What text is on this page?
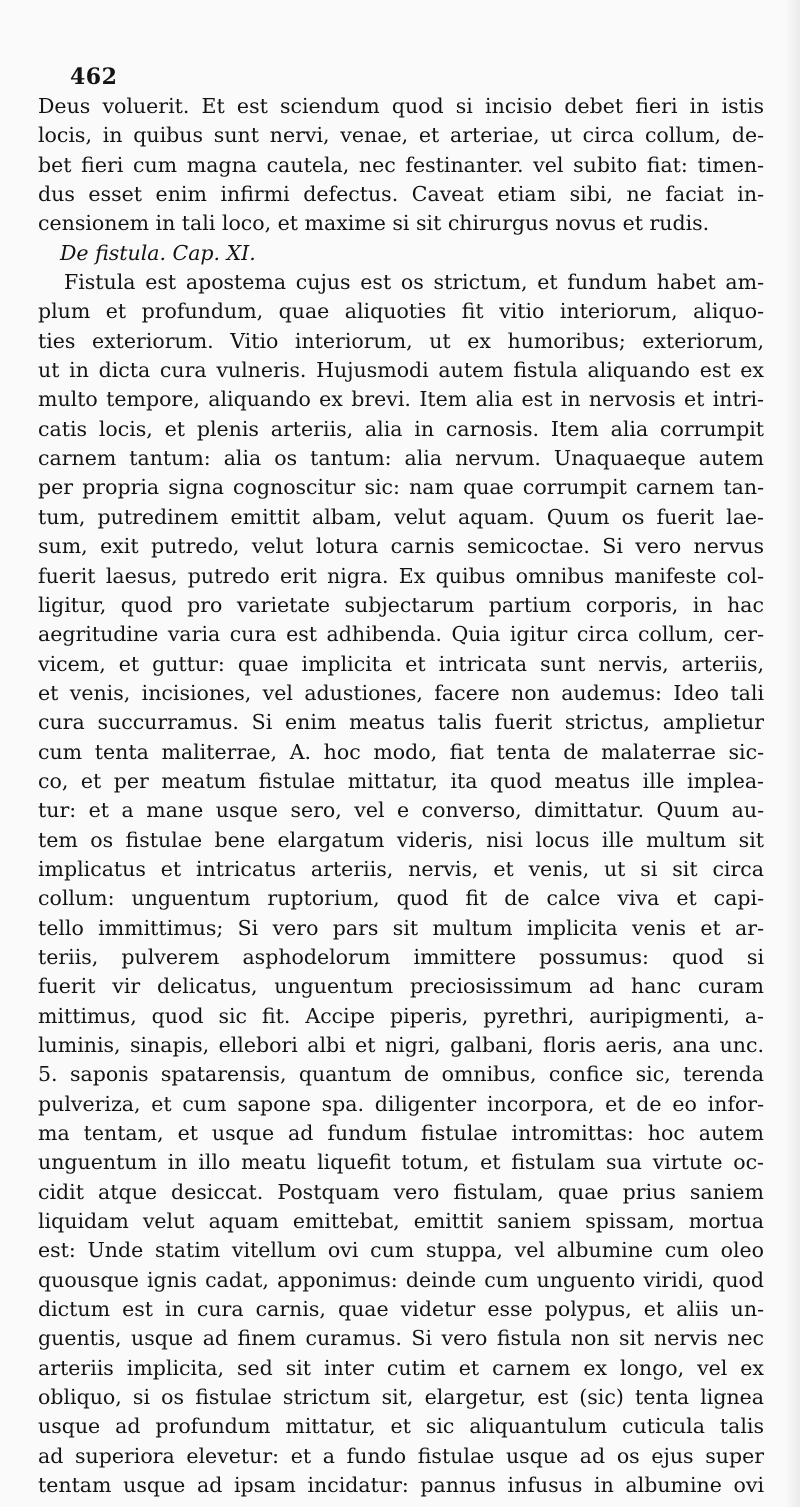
462
Deus voluerit. Et est sciendum quod si incisio debet fieri in istis
locis, in quibus sunt nervi, venae, et arteriae, ut circa collum, de-
bet fieri cum magna cautela, nec festinanter. vel subito fiat: timen-
dus esset enim infirmi defectus. Caveat etiam sibi, ne faciat in-
censionem in tali loco, et maxime si sit chirurgus novus et rudis.
De fistula. Cap. XI.
Fistula est apostema cujus est os strictum, et fundum habet am-
plum et profundum, quae aliquoties fit vitio interiorum, aliquo-
ties exteriorum. Vitio interiorum, ut ex humoribus; exteriorum,
ut in dicta cura vulneris. Hujusmodi autem fistula aliquando est ex
multo tempore, aliquando ex brevi. Item alia est in nervosis et intri-
catis locis, et plenis arteriis, alia in carnosis. Item alia corrumpit
carnem tantum: alia os tantum: alia nervum. Unaquaeque autem
per propria signa cognoscitur sic: nam quae corrumpit carnem tan-
tum, putredinem emittit albam, velut aquam. Quum os fuerit lae-
sum, exit putredo, velut lotura carnis semicoctae. Si vero nervus
fuerit laesus, putredo erit nigra. Ex quibus omnibus manifeste col-
ligitur, quod pro varietate subjectarum partium corporis, in hac
aegritudine varia cura est adhibenda. Quia igitur circa collum, cer-
vicem, et guttur: quae implicita et intricata sunt nervis, arteriis,
et venis, incisiones, vel adustiones, facere non audemus: Ideo tali
cura succurramus. Si enim meatus talis fuerit strictus, amplietur
cum tenta maliterrae, A. hoc modo, fiat tenta de malaterrae sic-
co, et per meatum fistulae mittatur, ita quod meatus ille implea-
tur: et a mane usque sero, vel e converso, dimittatur. Quum au-
tem os fistulae bene elargatum videris, nisi locus ille multum sit
implicatus et intricatus arteriis, nervis, et venis, ut si sit circa
collum: unguentum ruptorium, quod fit de calce viva et capi-
tello immittimus; Si vero pars sit multum implicita venis et ar-
teriis, pulverem asphodelorum immittere possumus: quod si
fuerit vir delicatus, unguentum preciosissimum ad hanc curam
mittimus, quod sic fit. Accipe piperis, pyrethri, auripigmenti, a-
luminis, sinapis, ellebori albi et nigri, galbani, floris aeris, ana unc.
5. saponis spatarensis, quantum de omnibus, confice sic, terenda
pulveriza, et cum sapone spa. diligenter incorpora, et de eo infor-
ma tentam, et usque ad fundum fistulae intromittas: hoc autem
unguentum in illo meatu liquefit totum, et fistulam sua virtute oc-
cidit atque desiccat. Postquam vero fistulam, quae prius saniem
liquidam velut aquam emittebat, emittit saniem spissam, mortua
est: Unde statim vitellum ovi cum stuppa, vel albumine cum oleo
quousque ignis cadat, apponimus: deinde cum unguento viridi, quod
dictum est in cura carnis, quae videtur esse polypus, et aliis un-
guentis, usque ad finem curamus. Si vero fistula non sit nervis nec
arteriis implicita, sed sit inter cutim et carnem ex longo, vel ex
obliquo, si os fistulae strictum sit, elargetur, est (sic) tenta lignea
usque ad profundum mittatur, et sic aliquantulum cuticula talis
ad superiora elevetur: et a fundo fistulae usque ad os ejus super
tentam usque ad ipsam incidatur: pannus infusus in albumine ovi
